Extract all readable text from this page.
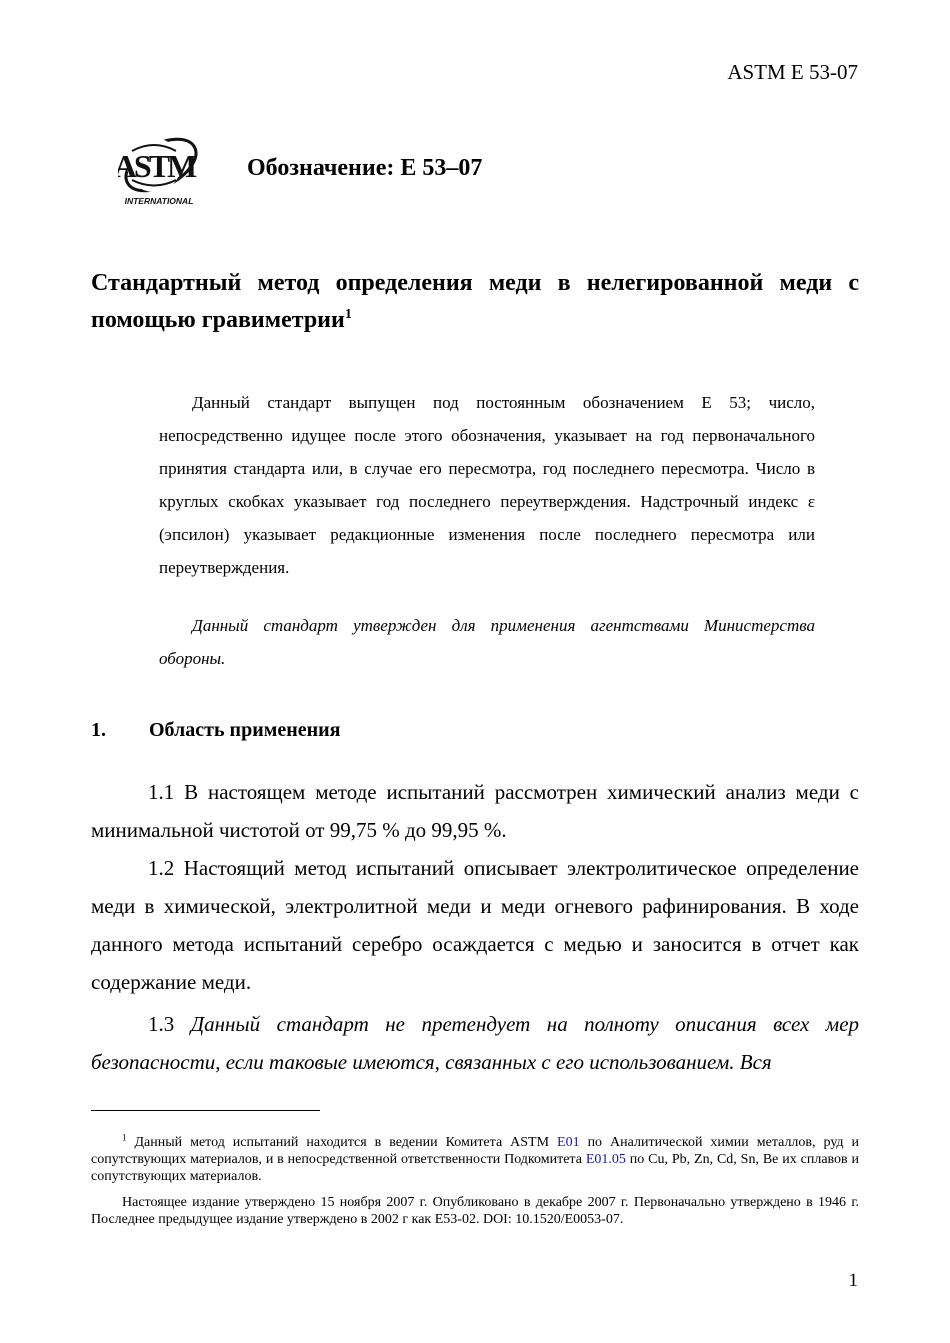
ASTM E 53-07
ASTM
INTERNATIONAL
Обозначение: E 53–07
Стандартный метод определения меди в нелегированной меди с помощью гравиметрии$^1$
Данный стандарт выпущен под постоянным обозначением E 53; число, непосредственно идущее после этого обозначения, указывает на год первоначального принятия стандарта или, в случае его пересмотра, год последнего пересмотра. Число в круглых скобках указывает год последнего переутверждения. Надстрочный индекс ε (эпсилон) указывает редакционные изменения после последнего пересмотра или переутверждения.
Данный стандарт утвержден для применения агентствами Министерства обороны.
1. Область применения
1.1 В настоящем методе испытаний рассмотрен химический анализ меди с минимальной чистотой от 99,75 % до 99,95 %.
1.2 Настоящий метод испытаний описывает электролитическое определение меди в химической, электролитной меди и меди огневого рафинирования. В ходе данного метода испытаний серебро осаждается с медью и заносится в отчет как содержание меди.
1.3 Данный стандарт не претендует на полноту описания всех мер безопасности, если таковые имеются, связанных с его использованием. Вся
$^1$ Данный метод испытаний находится в ведении Комитета ASTM E01 по Аналитической химии металлов, руд и сопутствующих материалов, и в непосредственной ответственности Подкомитета E01.05 по Cu, Pb, Zn, Cd, Sn, Be их сплавов и сопутствующих материалов.
Настоящее издание утверждено 15 ноября 2007 г. Опубликовано в декабре 2007 г. Первоначально утверждено в 1946 г. Последнее предыдущее издание утверждено в 2002 г как E53-02. DOI: 10.1520/E0053-07.
1
